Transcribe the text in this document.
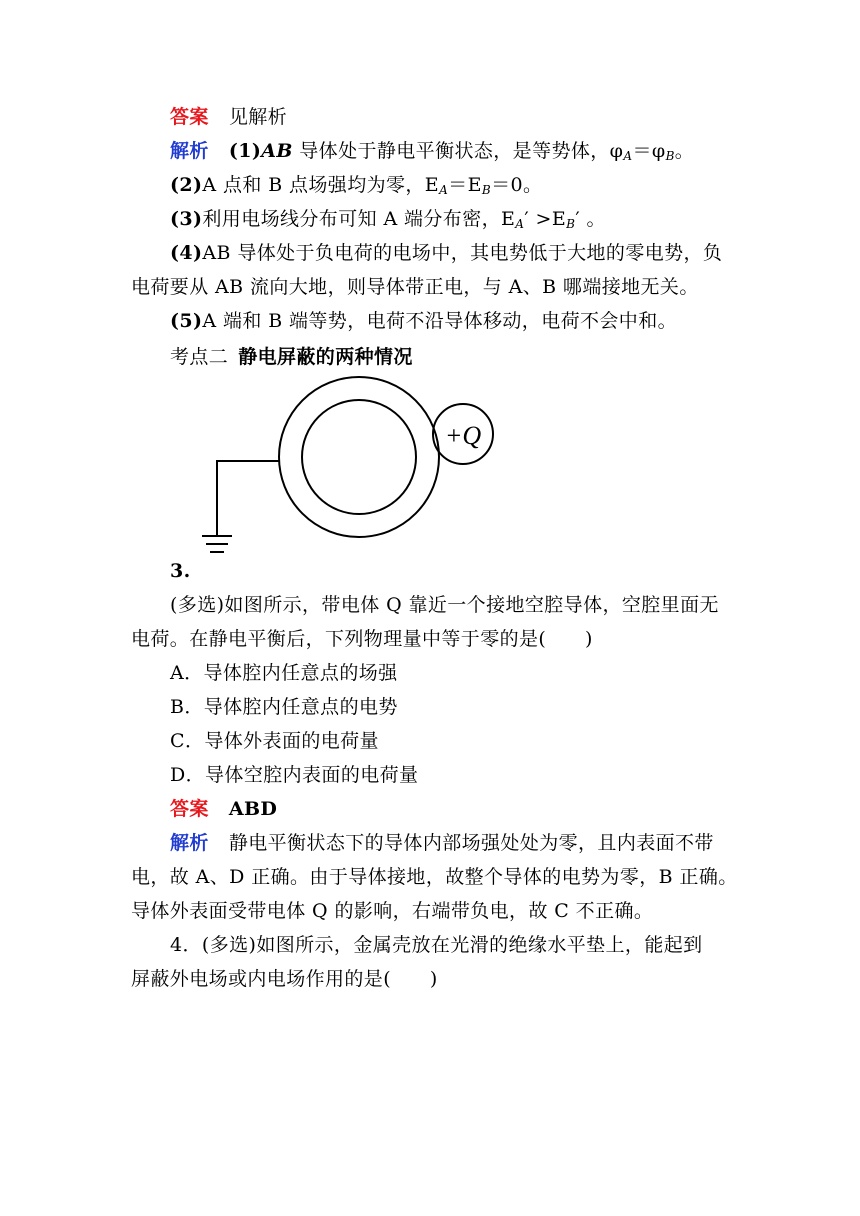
答案 见解析
解析 (1)AB 导体处于静电平衡状态，是等势体，$\varphi_A=\varphi_B$。
(2)A 点和 B 点场强均为零，$E_A=E_B=0$。
(3)利用电场线分布可知 A 端分布密，$E_A' >E_B'$ 。
(4)AB 导体处于负电荷的电场中，其电势低于大地的零电势，负
电荷要从 AB 流向大地，则导体带正电，与 A、B 哪端接地无关。
(5)A 端和 B 端等势，电荷不沿导体移动，电荷不会中和。
考点二 静电屏蔽的两种情况
+Q
3.
(多选)如图所示，带电体 Q 靠近一个接地空腔导体，空腔里面无
电荷。在静电平衡后，下列物理量中等于零的是(　　)
A．导体腔内任意点的场强
B．导体腔内任意点的电势
C．导体外表面的电荷量
D．导体空腔内表面的电荷量
答案 ABD
解析 静电平衡状态下的导体内部场强处处为零，且内表面不带
电，故 A、D 正确。由于导体接地，故整个导体的电势为零，B 正确。
导体外表面受带电体 Q 的影响，右端带负电，故 C 不正确。
4．(多选)如图所示，金属壳放在光滑的绝缘水平垫上，能起到
屏蔽外电场或内电场作用的是(　　)
